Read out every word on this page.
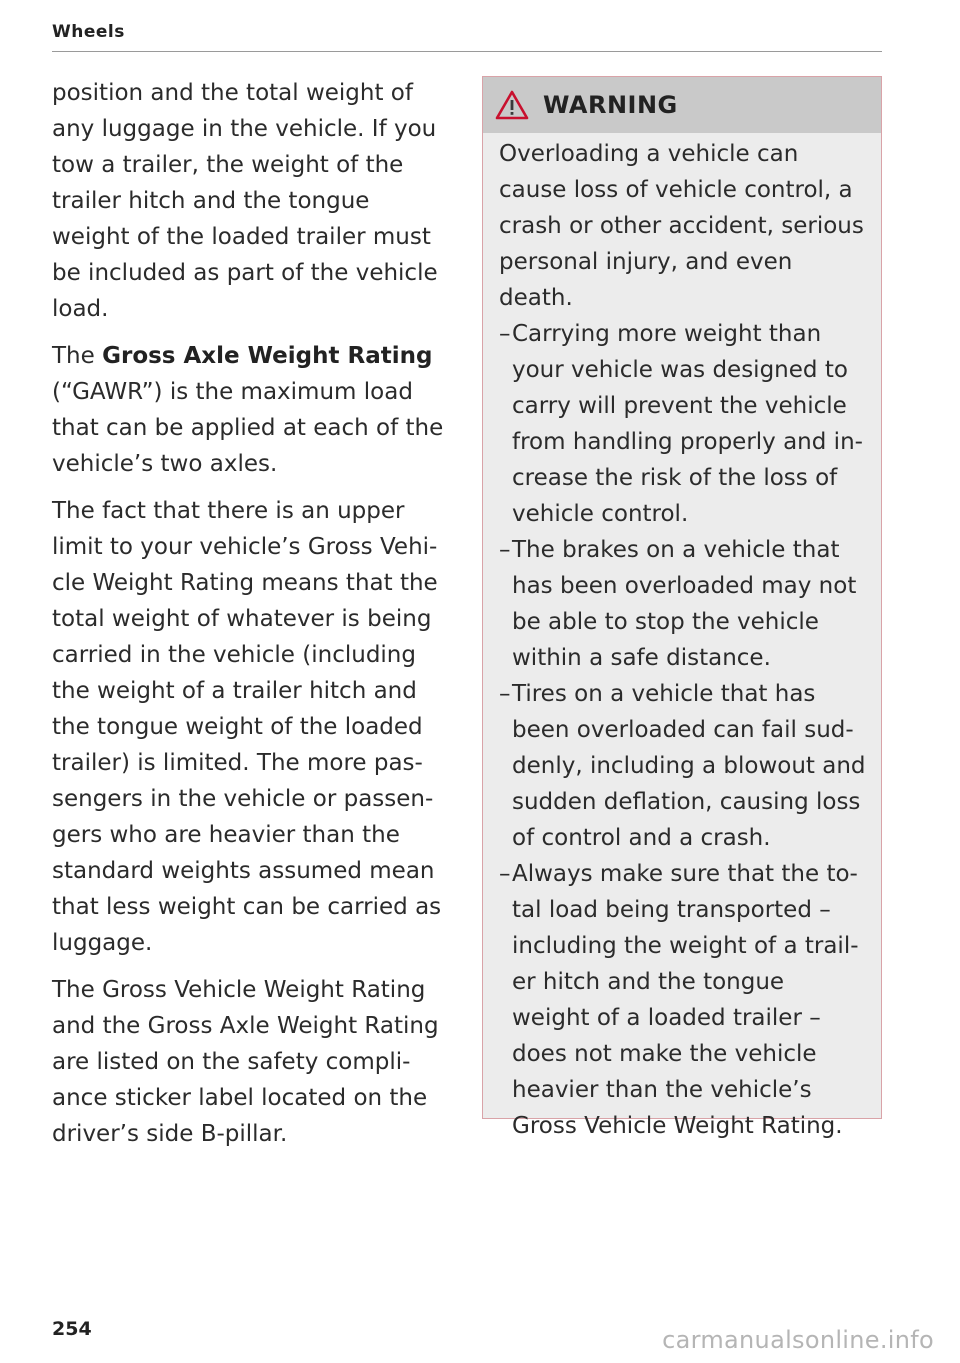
Wheels

position and the total weight of any luggage in the vehicle. If you tow a trailer, the weight of the trailer hitch and the tongue weight of the loaded trailer must be included as part of the vehicle load.

The Gross Axle Weight Rating (“GAWR”) is the maximum load that can be applied at each of the vehicle’s two axles.

The fact that there is an upper limit to your vehicle’s Gross Vehicle Weight Rating means that the total weight of whatever is being carried in the vehicle (including the weight of a trailer hitch and the tongue weight of the loaded trailer) is limited. The more passengers in the vehicle or passengers who are heavier than the standard weights assumed mean that less weight can be carried as luggage.

The Gross Vehicle Weight Rating and the Gross Axle Weight Rating are listed on the safety compliance sticker label located on the driver’s side B-pillar.

WARNING

Overloading a vehicle can cause loss of vehicle control, a crash or other accident, serious personal injury, and even death.

– Carrying more weight than your vehicle was designed to carry will prevent the vehicle from handling properly and increase the risk of the loss of vehicle control.
– The brakes on a vehicle that has been overloaded may not be able to stop the vehicle within a safe distance.
– Tires on a vehicle that has been overloaded can fail suddenly, including a blowout and sudden deflation, causing loss of control and a crash.
– Always make sure that the total load being transported – including the weight of a trailer hitch and the tongue weight of a loaded trailer – does not make the vehicle heavier than the vehicle’s Gross Vehicle Weight Rating.
254	carmanualsonline.info
